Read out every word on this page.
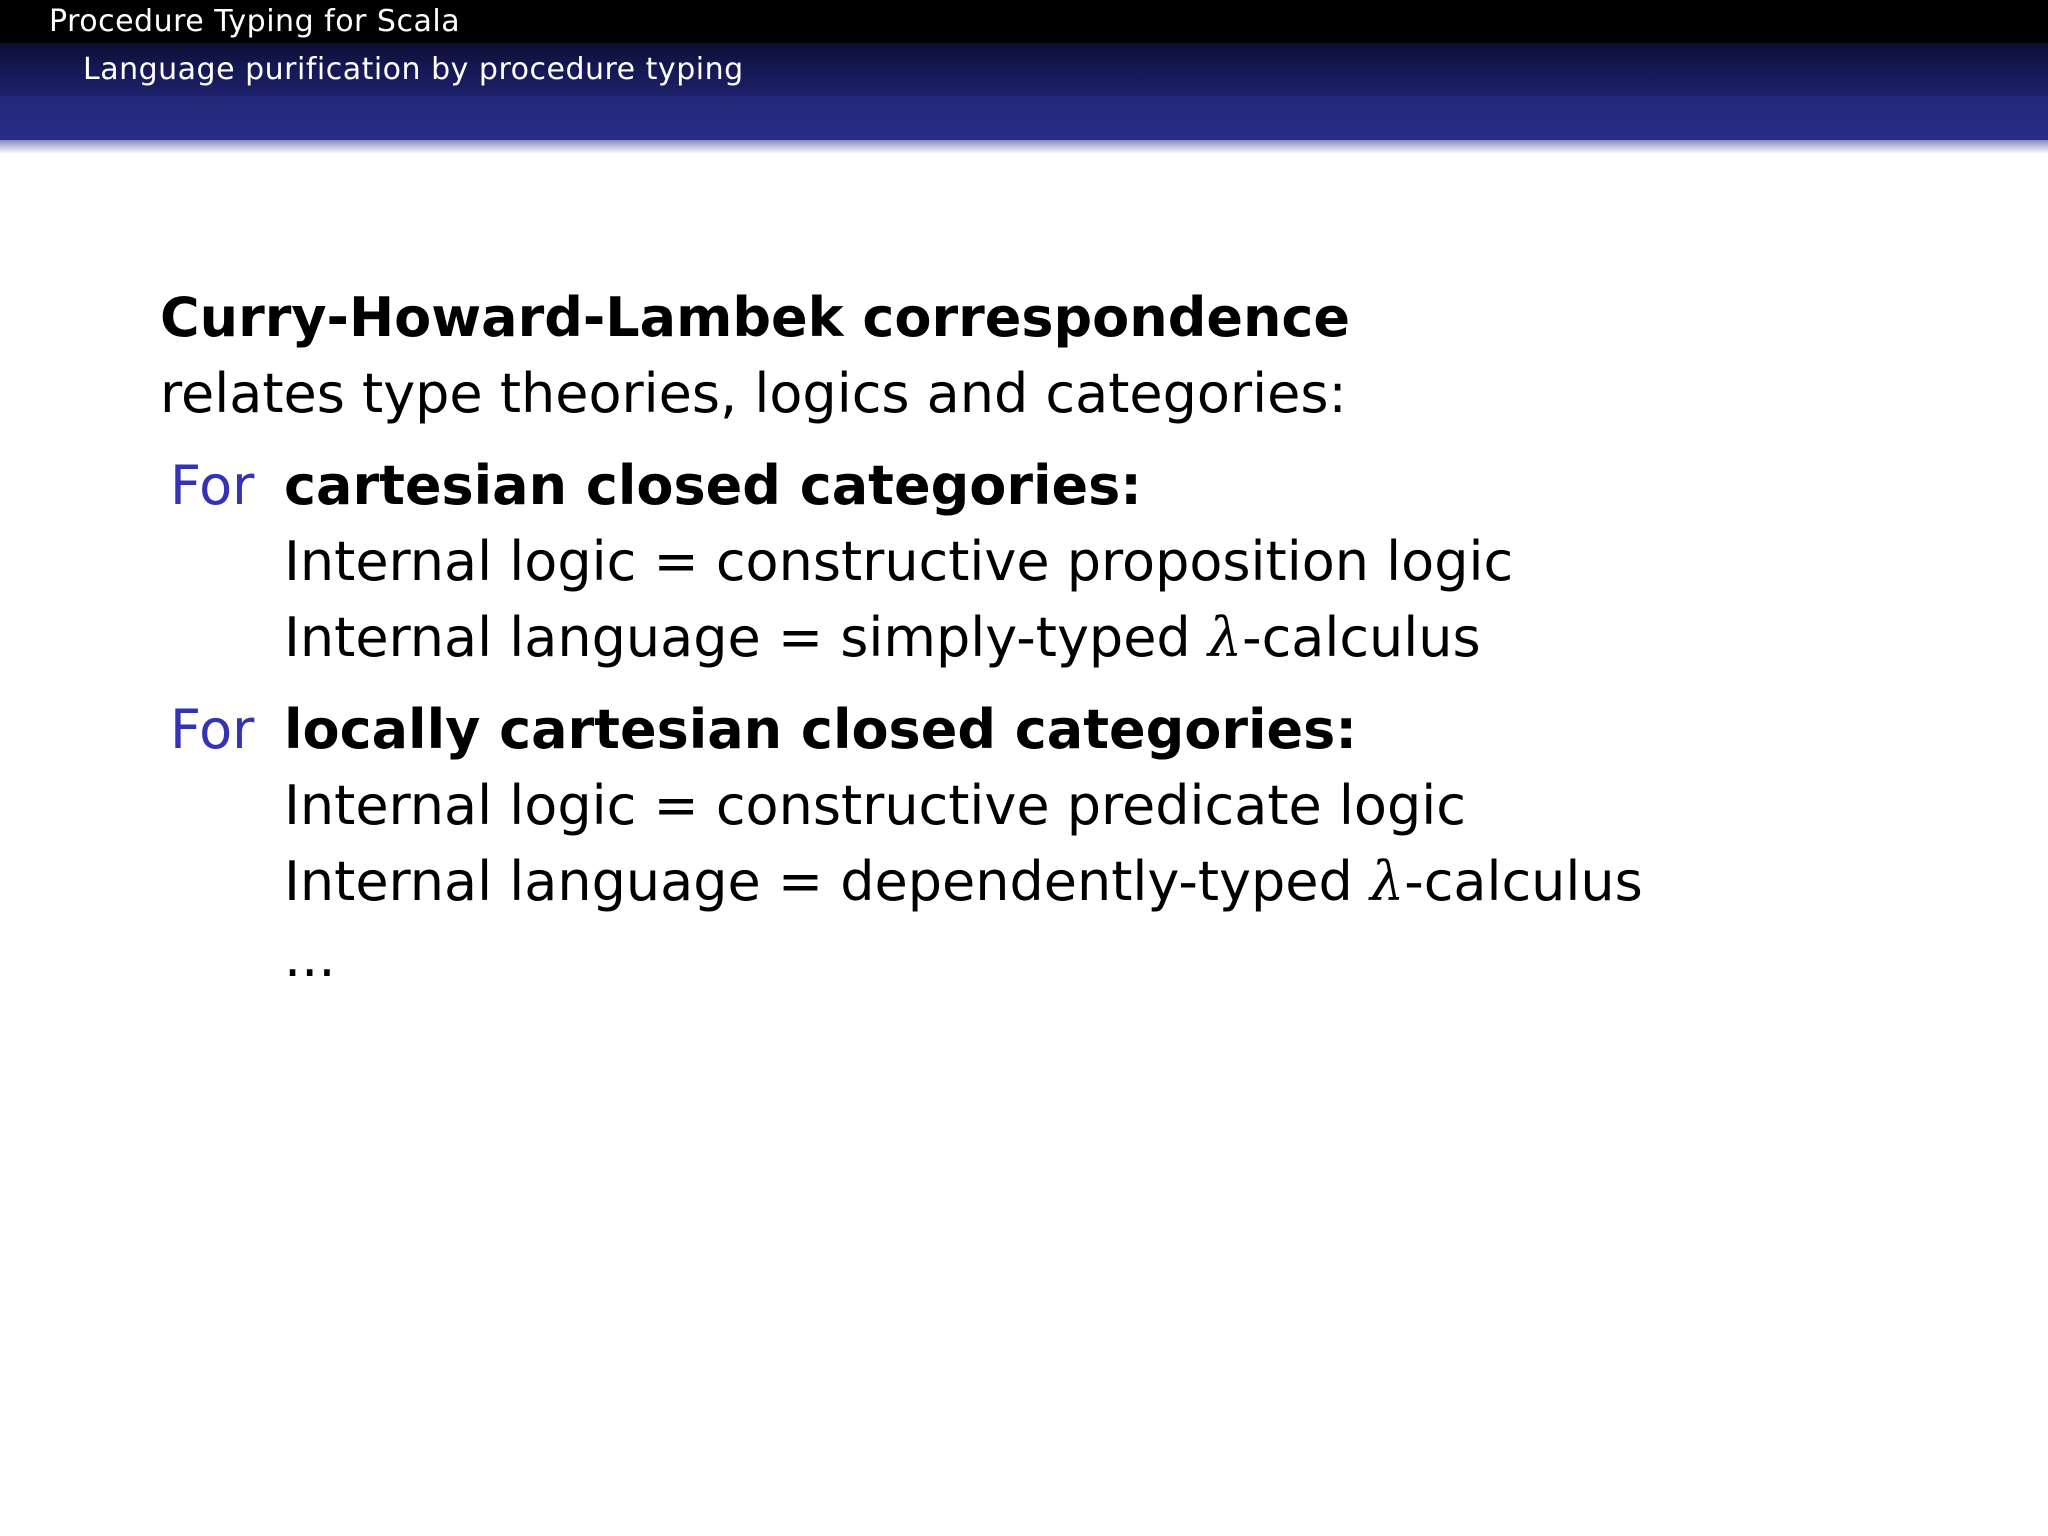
Procedure Typing for Scala
Language purification by procedure typing
Curry-Howard-Lambek correspondence
relates type theories, logics and categories:
For cartesian closed categories:
Internal logic = constructive proposition logic
Internal language = simply-typed λ-calculus
For locally cartesian closed categories:
Internal logic = constructive predicate logic
Internal language = dependently-typed λ-calculus
...
